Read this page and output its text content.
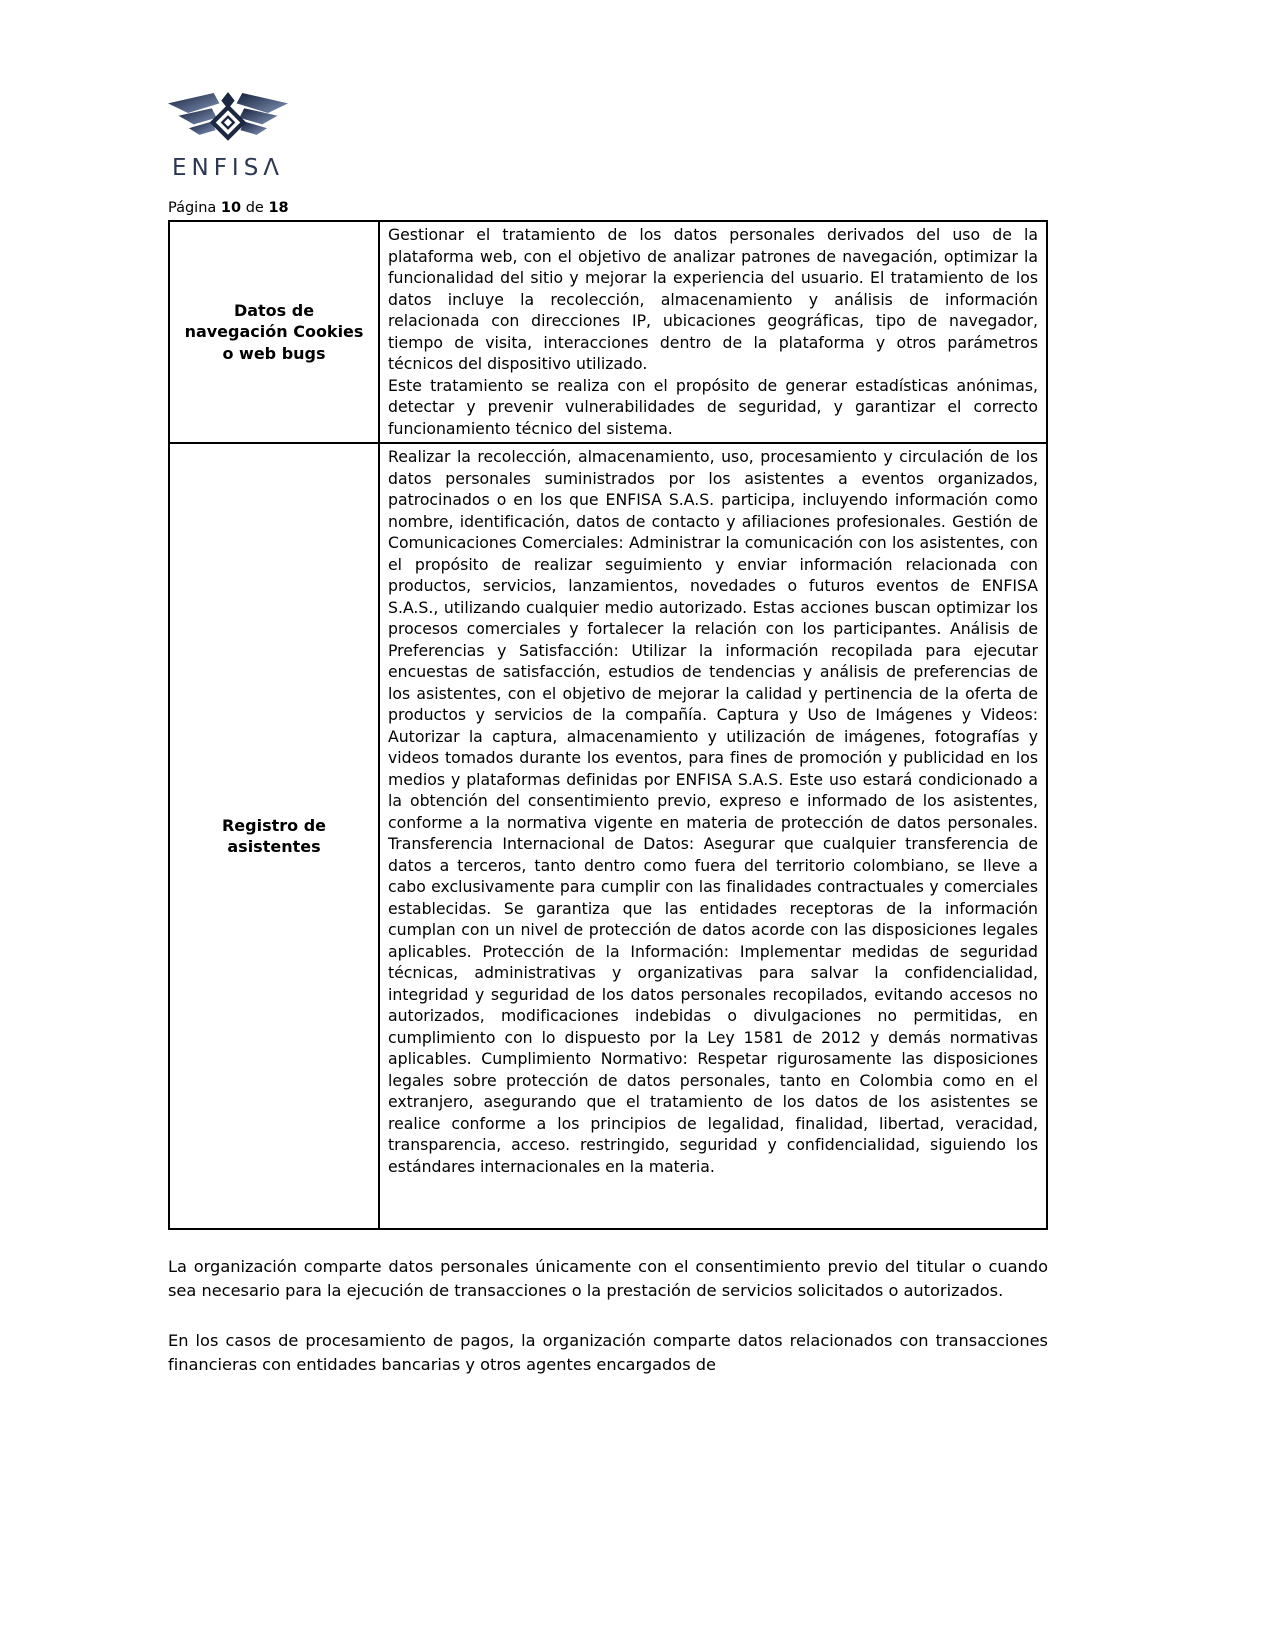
ENFISΛ
Página 10 de 18
Datos de navegación Cookies o web bugs	Gestionar el tratamiento de los datos personales derivados del uso de la plataforma web, con el objetivo de analizar patrones de navegación, optimizar la funcionalidad del sitio y mejorar la experiencia del usuario. El tratamiento de los datos incluye la recolección, almacenamiento y análisis de información relacionada con direcciones IP, ubicaciones geográficas, tipo de navegador, tiempo de visita, interacciones dentro de la plataforma y otros parámetros técnicos del dispositivo utilizado.

Este tratamiento se realiza con el propósito de generar estadísticas anónimas, detectar y prevenir vulnerabilidades de seguridad, y garantizar el correcto funcionamiento técnico del sistema.

Registro de asistentes	Realizar la recolección, almacenamiento, uso, procesamiento y circulación de los datos personales suministrados por los asistentes a eventos organizados, patrocinados o en los que ENFISA S.A.S. participa, incluyendo información como nombre, identificación, datos de contacto y afiliaciones profesionales. Gestión de Comunicaciones Comerciales: Administrar la comunicación con los asistentes, con el propósito de realizar seguimiento y enviar información relacionada con productos, servicios, lanzamientos, novedades o futuros eventos de ENFISA S.A.S., utilizando cualquier medio autorizado. Estas acciones buscan optimizar los procesos comerciales y fortalecer la relación con los participantes. Análisis de Preferencias y Satisfacción: Utilizar la información recopilada para ejecutar encuestas de satisfacción, estudios de tendencias y análisis de preferencias de los asistentes, con el objetivo de mejorar la calidad y pertinencia de la oferta de productos y servicios de la compañía. Captura y Uso de Imágenes y Videos: Autorizar la captura, almacenamiento y utilización de imágenes, fotografías y videos tomados durante los eventos, para fines de promoción y publicidad en los medios y plataformas definidas por ENFISA S.A.S. Este uso estará condicionado a la obtención del consentimiento previo, expreso e informado de los asistentes, conforme a la normativa vigente en materia de protección de datos personales. Transferencia Internacional de Datos: Asegurar que cualquier transferencia de datos a terceros, tanto dentro como fuera del territorio colombiano, se lleve a cabo exclusivamente para cumplir con las finalidades contractuales y comerciales establecidas. Se garantiza que las entidades receptoras de la información cumplan con un nivel de protección de datos acorde con las disposiciones legales aplicables. Protección de la Información: Implementar medidas de seguridad técnicas, administrativas y organizativas para salvar la confidencialidad, integridad y seguridad de los datos personales recopilados, evitando accesos no autorizados, modificaciones indebidas o divulgaciones no permitidas, en cumplimiento con lo dispuesto por la Ley 1581 de 2012 y demás normativas aplicables. Cumplimiento Normativo: Respetar rigurosamente las disposiciones legales sobre protección de datos personales, tanto en Colombia como en el extranjero, asegurando que el tratamiento de los datos de los asistentes se realice conforme a los principios de legalidad, finalidad, libertad, veracidad, transparencia, acceso. restringido, seguridad y confidencialidad, siguiendo los estándares internacionales en la materia.

La organización comparte datos personales únicamente con el consentimiento previo del titular o cuando sea necesario para la ejecución de transacciones o la prestación de servicios solicitados o autorizados.

En los casos de procesamiento de pagos, la organización comparte datos relacionados con transacciones financieras con entidades bancarias y otros agentes encargados de
